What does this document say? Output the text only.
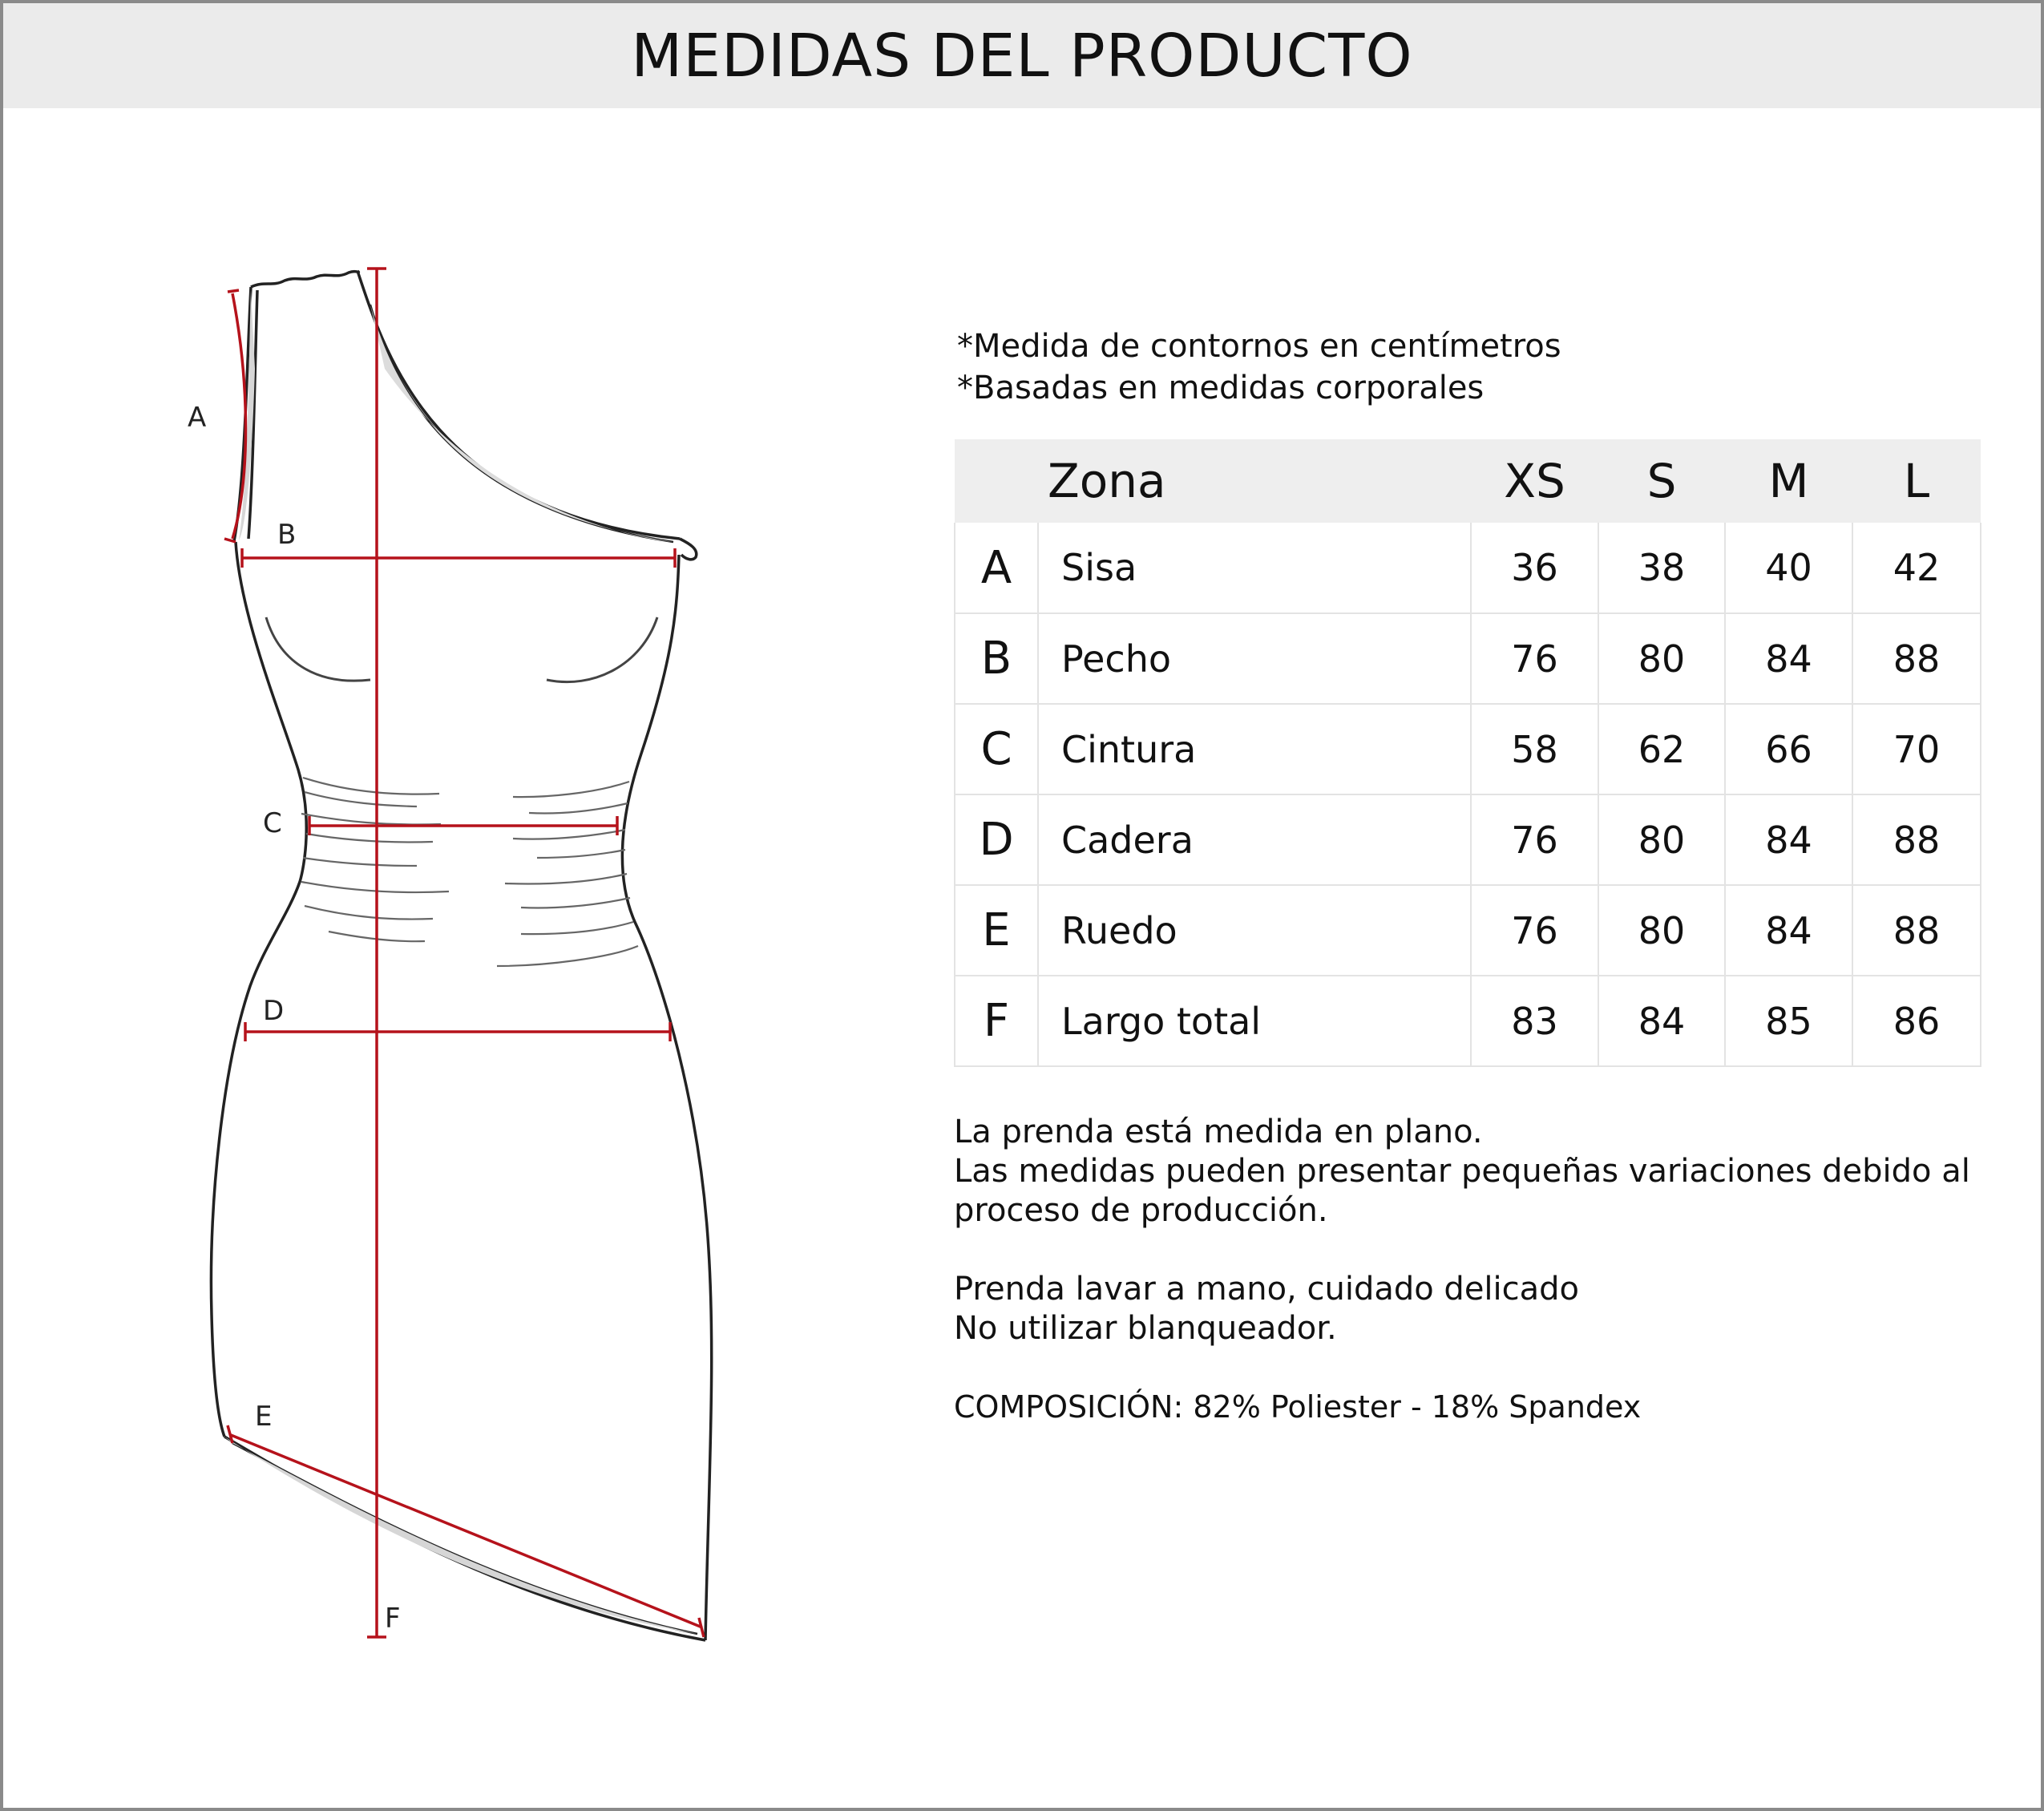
MEDIDAS DEL PRODUCTO
A
B
C
D
E
F
*Medida de contornos en centímetros
*Basadas en medidas corporales
Zona		XS	S	M	L
A	Sisa	36	38	40	42
B	Pecho	76	80	84	88
C	Cintura	58	62	66	70
D	Cadera	76	80	84	88
E	Ruedo	76	80	84	88
F	Largo total	83	84	85	86

La prenda está medida en plano.
Las medidas pueden presentar pequeñas variaciones debido al
proceso de producción.

Prenda lavar a mano, cuidado delicado
No utilizar blanqueador.

COMPOSICIÓN: 82% Poliester - 18% Spandex
